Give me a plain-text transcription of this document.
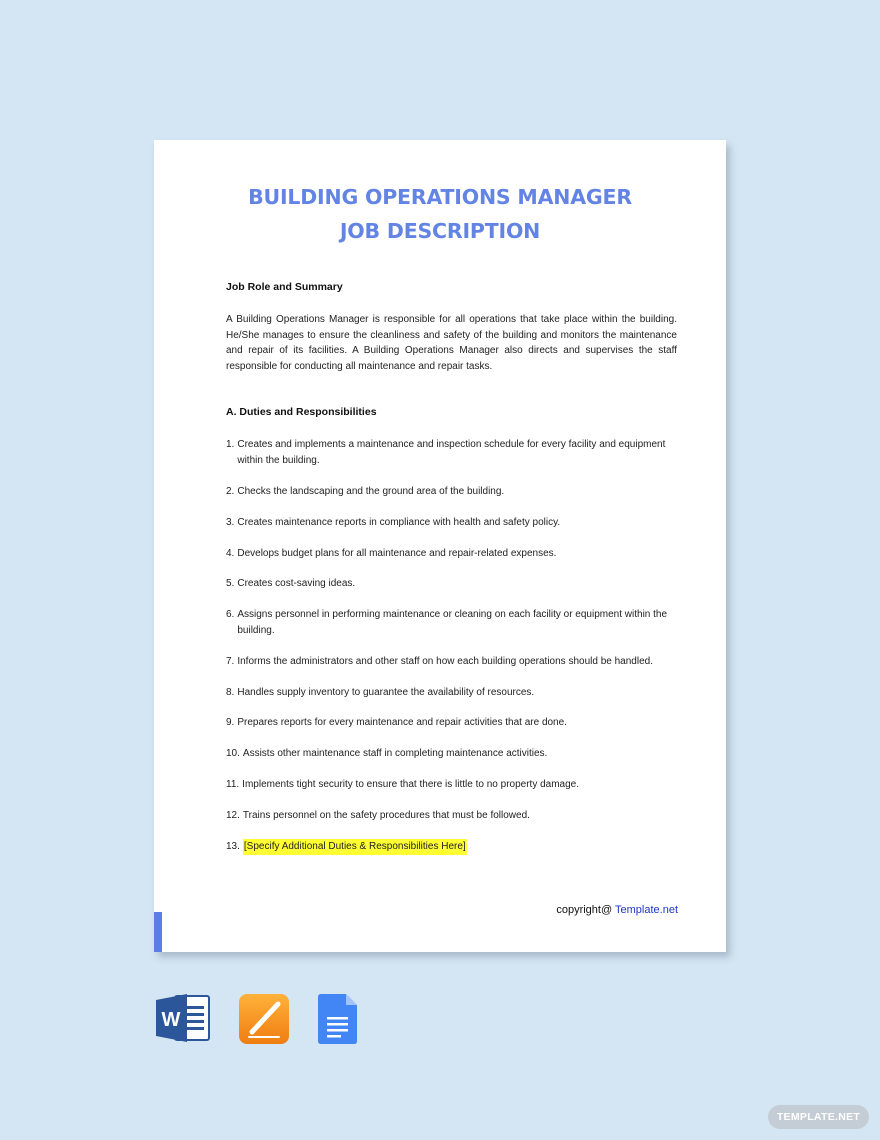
BUILDING OPERATIONS MANAGER
JOB DESCRIPTION
Job Role and Summary

A Building Operations Manager is responsible for all operations that take place within the building. He/She manages to ensure the cleanliness and safety of the building and monitors the maintenance and repair of its facilities. A Building Operations Manager also directs and supervises the staff responsible for conducting all maintenance and repair tasks.

A. Duties and Responsibilities
1. Creates and implements a maintenance and inspection schedule for every facility and equipment within the building.
2. Checks the landscaping and the ground area of the building.
3. Creates maintenance reports in compliance with health and safety policy.
4. Develops budget plans for all maintenance and repair-related expenses.
5. Creates cost-saving ideas.
6. Assigns personnel in performing maintenance or cleaning on each facility or equipment within the building.
7. Informs the administrators and other staff on how each building operations should be handled.
8. Handles supply inventory to guarantee the availability of resources.
9. Prepares reports for every maintenance and repair activities that are done.
10. Assists other maintenance staff in completing maintenance activities.
11. Implements tight security to ensure that there is little to no property damage.
12. Trains personnel on the safety procedures that must be followed.
13. [Specify Additional Duties & Responsibilities Here]
copyright@ Template.net
W
TEMPLATE.NET
